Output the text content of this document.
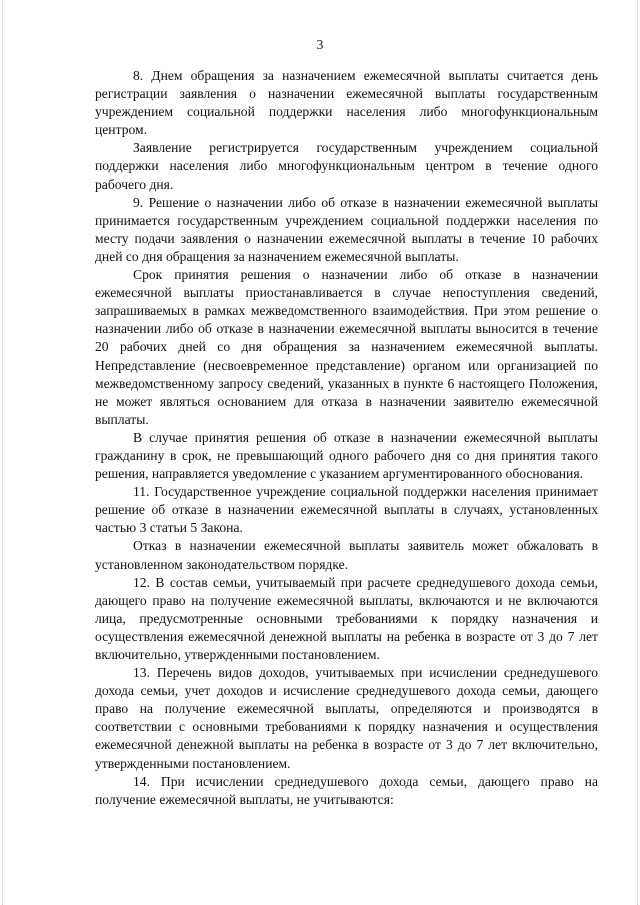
3

8. Днем обращения за назначением ежемесячной выплаты считается день регистрации заявления о назначении ежемесячной выплаты государственным учреждением социальной поддержки населения либо многофункциональным центром.

Заявление регистрируется государственным учреждением социальной поддержки населения либо многофункциональным центром в течение одного рабочего дня.

9. Решение о назначении либо об отказе в назначении ежемесячной выплаты принимается государственным учреждением социальной поддержки населения по месту подачи заявления о назначении ежемесячной выплаты в течение 10 рабочих дней со дня обращения за назначением ежемесячной выплаты.

Срок принятия решения о назначении либо об отказе в назначении ежемесячной выплаты приостанавливается в случае непоступления сведений, запрашиваемых в рамках межведомственного взаимодействия. При этом решение о назначении либо об отказе в назначении ежемесячной выплаты выносится в течение 20 рабочих дней со дня обращения за назначением ежемесячной выплаты. Непредставление (несвоевременное представление) органом или организацией по межведомственному запросу сведений, указанных в пункте 6 настоящего Положения, не может являться основанием для отказа в назначении заявителю ежемесячной выплаты.

В случае принятия решения об отказе в назначении ежемесячной выплаты гражданину в срок, не превышающий одного рабочего дня со дня принятия такого решения, направляется уведомление с указанием аргументированного обоснования.

11. Государственное учреждение социальной поддержки населения принимает решение об отказе в назначении ежемесячной выплаты в случаях, установленных частью 3 статьи 5 Закона.

Отказ в назначении ежемесячной выплаты заявитель может обжаловать в установленном законодательством порядке.

12. В состав семьи, учитываемый при расчете среднедушевого дохода семьи, дающего право на получение ежемесячной выплаты, включаются и не включаются лица, предусмотренные основными требованиями к порядку назначения и осуществления ежемесячной денежной выплаты на ребенка в возрасте от 3 до 7 лет включительно, утвержденными постановлением.

13. Перечень видов доходов, учитываемых при исчислении среднедушевого дохода семьи, учет доходов и исчисление среднедушевого дохода семьи, дающего право на получение ежемесячной выплаты, определяются и производятся в соответствии с основными требованиями к порядку назначения и осуществления ежемесячной денежной выплаты на ребенка в возрасте от 3 до 7 лет включительно, утвержденными постановлением.

14. При исчислении среднедушевого дохода семьи, дающего право на получение ежемесячной выплаты, не учитываются:
